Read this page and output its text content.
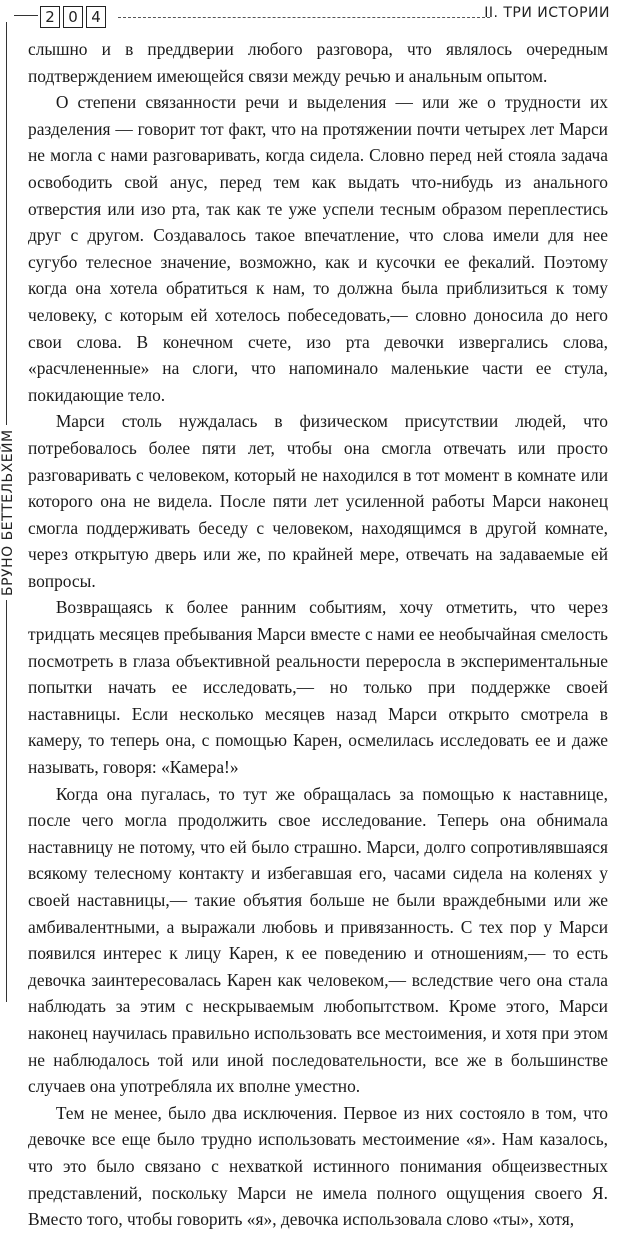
2 0 4	II. ТРИ ИСТОРИИ
БРУНО БЕТТЕЛЬХЕЙМ

слышно и в преддверии любого разговора, что являлось очередным подтверждением имеющейся связи между речью и анальным опытом.

О степени связанности речи и выделения — или же о трудности их разделения — говорит тот факт, что на протяжении почти четырех лет Марси не могла с нами разговаривать, когда сидела. Словно перед ней стояла задача освободить свой анус, перед тем как выдать что-нибудь из анального отверстия или изо рта, так как те уже успели тесным образом переплестись друг с другом. Создавалось такое впечатление, что слова имели для нее сугубо телесное значение, возможно, как и кусочки ее фекалий. Поэтому когда она хотела обратиться к нам, то должна была приблизиться к тому человеку, с которым ей хотелось побеседовать,— словно доносила до него свои слова. В конечном счете, изо рта девочки извергались слова, «расчлененные» на слоги, что напоминало маленькие части ее стула, покидающие тело.

Марси столь нуждалась в физическом присутствии людей, что потребовалось более пяти лет, чтобы она смогла отвечать или просто разговаривать с человеком, который не находился в тот момент в комнате или которого она не видела. После пяти лет усиленной работы Марси наконец смогла поддерживать беседу с человеком, находящимся в другой комнате, через открытую дверь или же, по крайней мере, отвечать на задаваемые ей вопросы.

Возвращаясь к более ранним событиям, хочу отметить, что через тридцать месяцев пребывания Марси вместе с нами ее необычайная смелость посмотреть в глаза объективной реальности переросла в экспериментальные попытки начать ее исследовать,— но только при поддержке своей наставницы. Если несколько месяцев назад Марси открыто смотрела в камеру, то теперь она, с помощью Карен, осмелилась исследовать ее и даже называть, говоря: «Камера!»

Когда она пугалась, то тут же обращалась за помощью к наставнице, после чего могла продолжить свое исследование. Теперь она обнимала наставницу не потому, что ей было страшно. Марси, долго сопротивлявшаяся всякому телесному контакту и избегавшая его, часами сидела на коленях у своей наставницы,— такие объятия больше не были враждебными или же амбивалентными, а выражали любовь и привязанность. С тех пор у Марси появился интерес к лицу Карен, к ее поведению и отношениям,— то есть девочка заинтересовалась Карен как человеком,— вследствие чего она стала наблюдать за этим с нескрываемым любопытством. Кроме этого, Марси наконец научилась правильно использовать все местоимения, и хотя при этом не наблюдалось той или иной последовательности, все же в большинстве случаев она употребляла их вполне уместно.

Тем не менее, было два исключения. Первое из них состояло в том, что девочке все еще было трудно использовать местоимение «я». Нам казалось, что это было связано с нехваткой истинного понимания общеизвестных представлений, поскольку Марси не имела полного ощущения своего Я. Вместо того, чтобы говорить «я», девочка использовала слово «ты», хотя,
